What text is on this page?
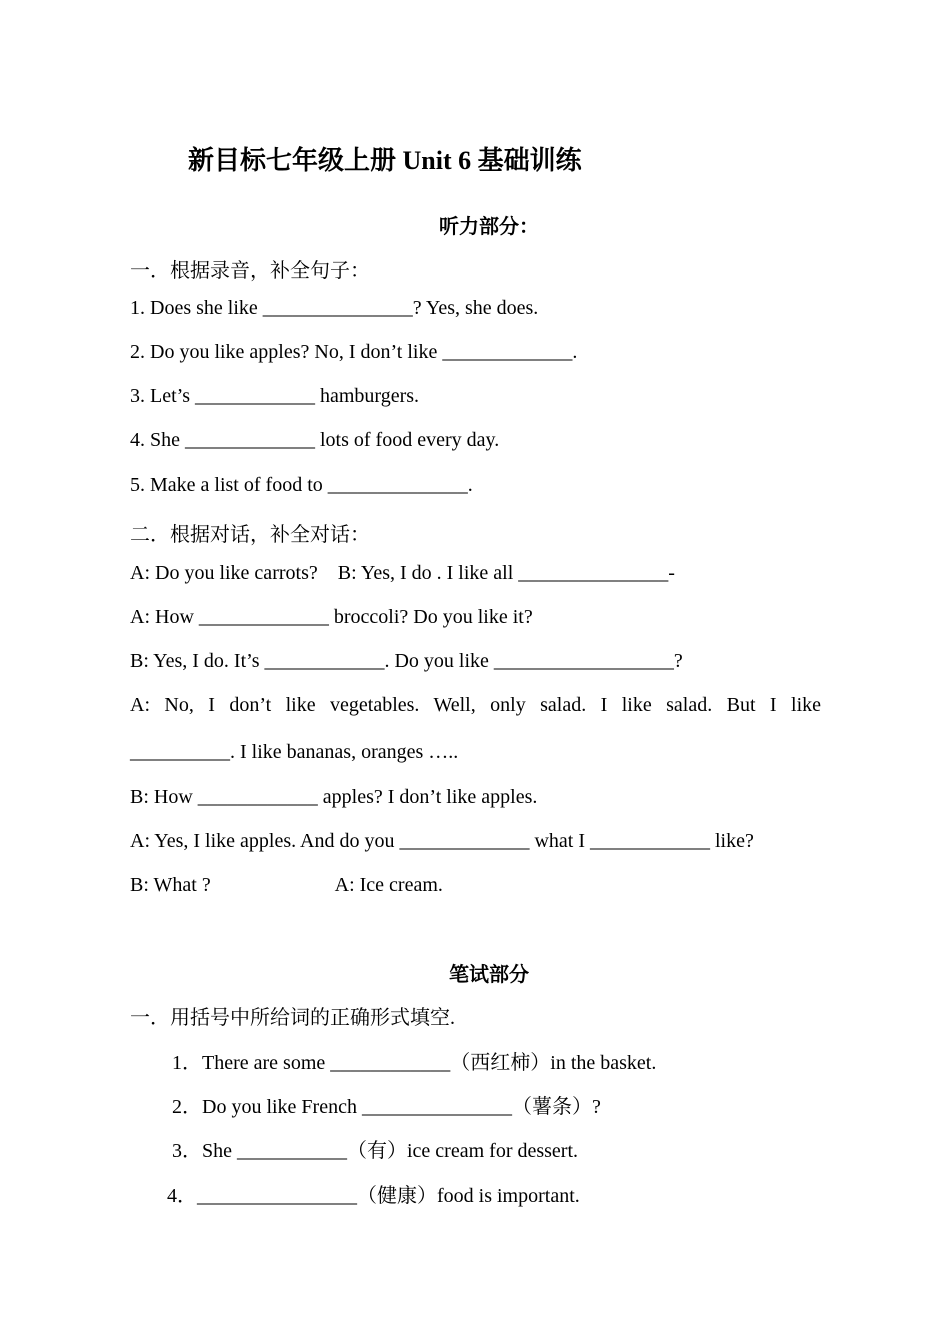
新目标七年级上册 Unit 6 基础训练
听力部分：
一．根据录音，补全句子：
1. Does she like _______________? Yes, she does.
2. Do you like apples? No, I don’t like _____________.
3. Let’s ____________ hamburgers.
4. She _____________ lots of food every day.
5. Make a list of food to ______________.
二．根据对话，补全对话：
A: Do you like carrots?    B: Yes, I do . I like all _______________-
A: How _____________ broccoli? Do you like it?
B: Yes, I do. It’s ____________. Do you like __________________?
A: No, I don’t like vegetables. Well, only salad. I like salad. But I like
__________. I like bananas, oranges …..
B: How ____________ apples? I don’t like apples.
A: Yes, I like apples. And do you _____________ what I ____________ like?
B: What ?                         A: Ice cream.
笔试部分
一．用括号中所给词的正确形式填空.
1．There are some ____________（西红柿）in the basket.
2．Do you like French _______________（薯条）?
3．She ___________（有）ice cream for dessert.
4．________________（健康）food is important.
